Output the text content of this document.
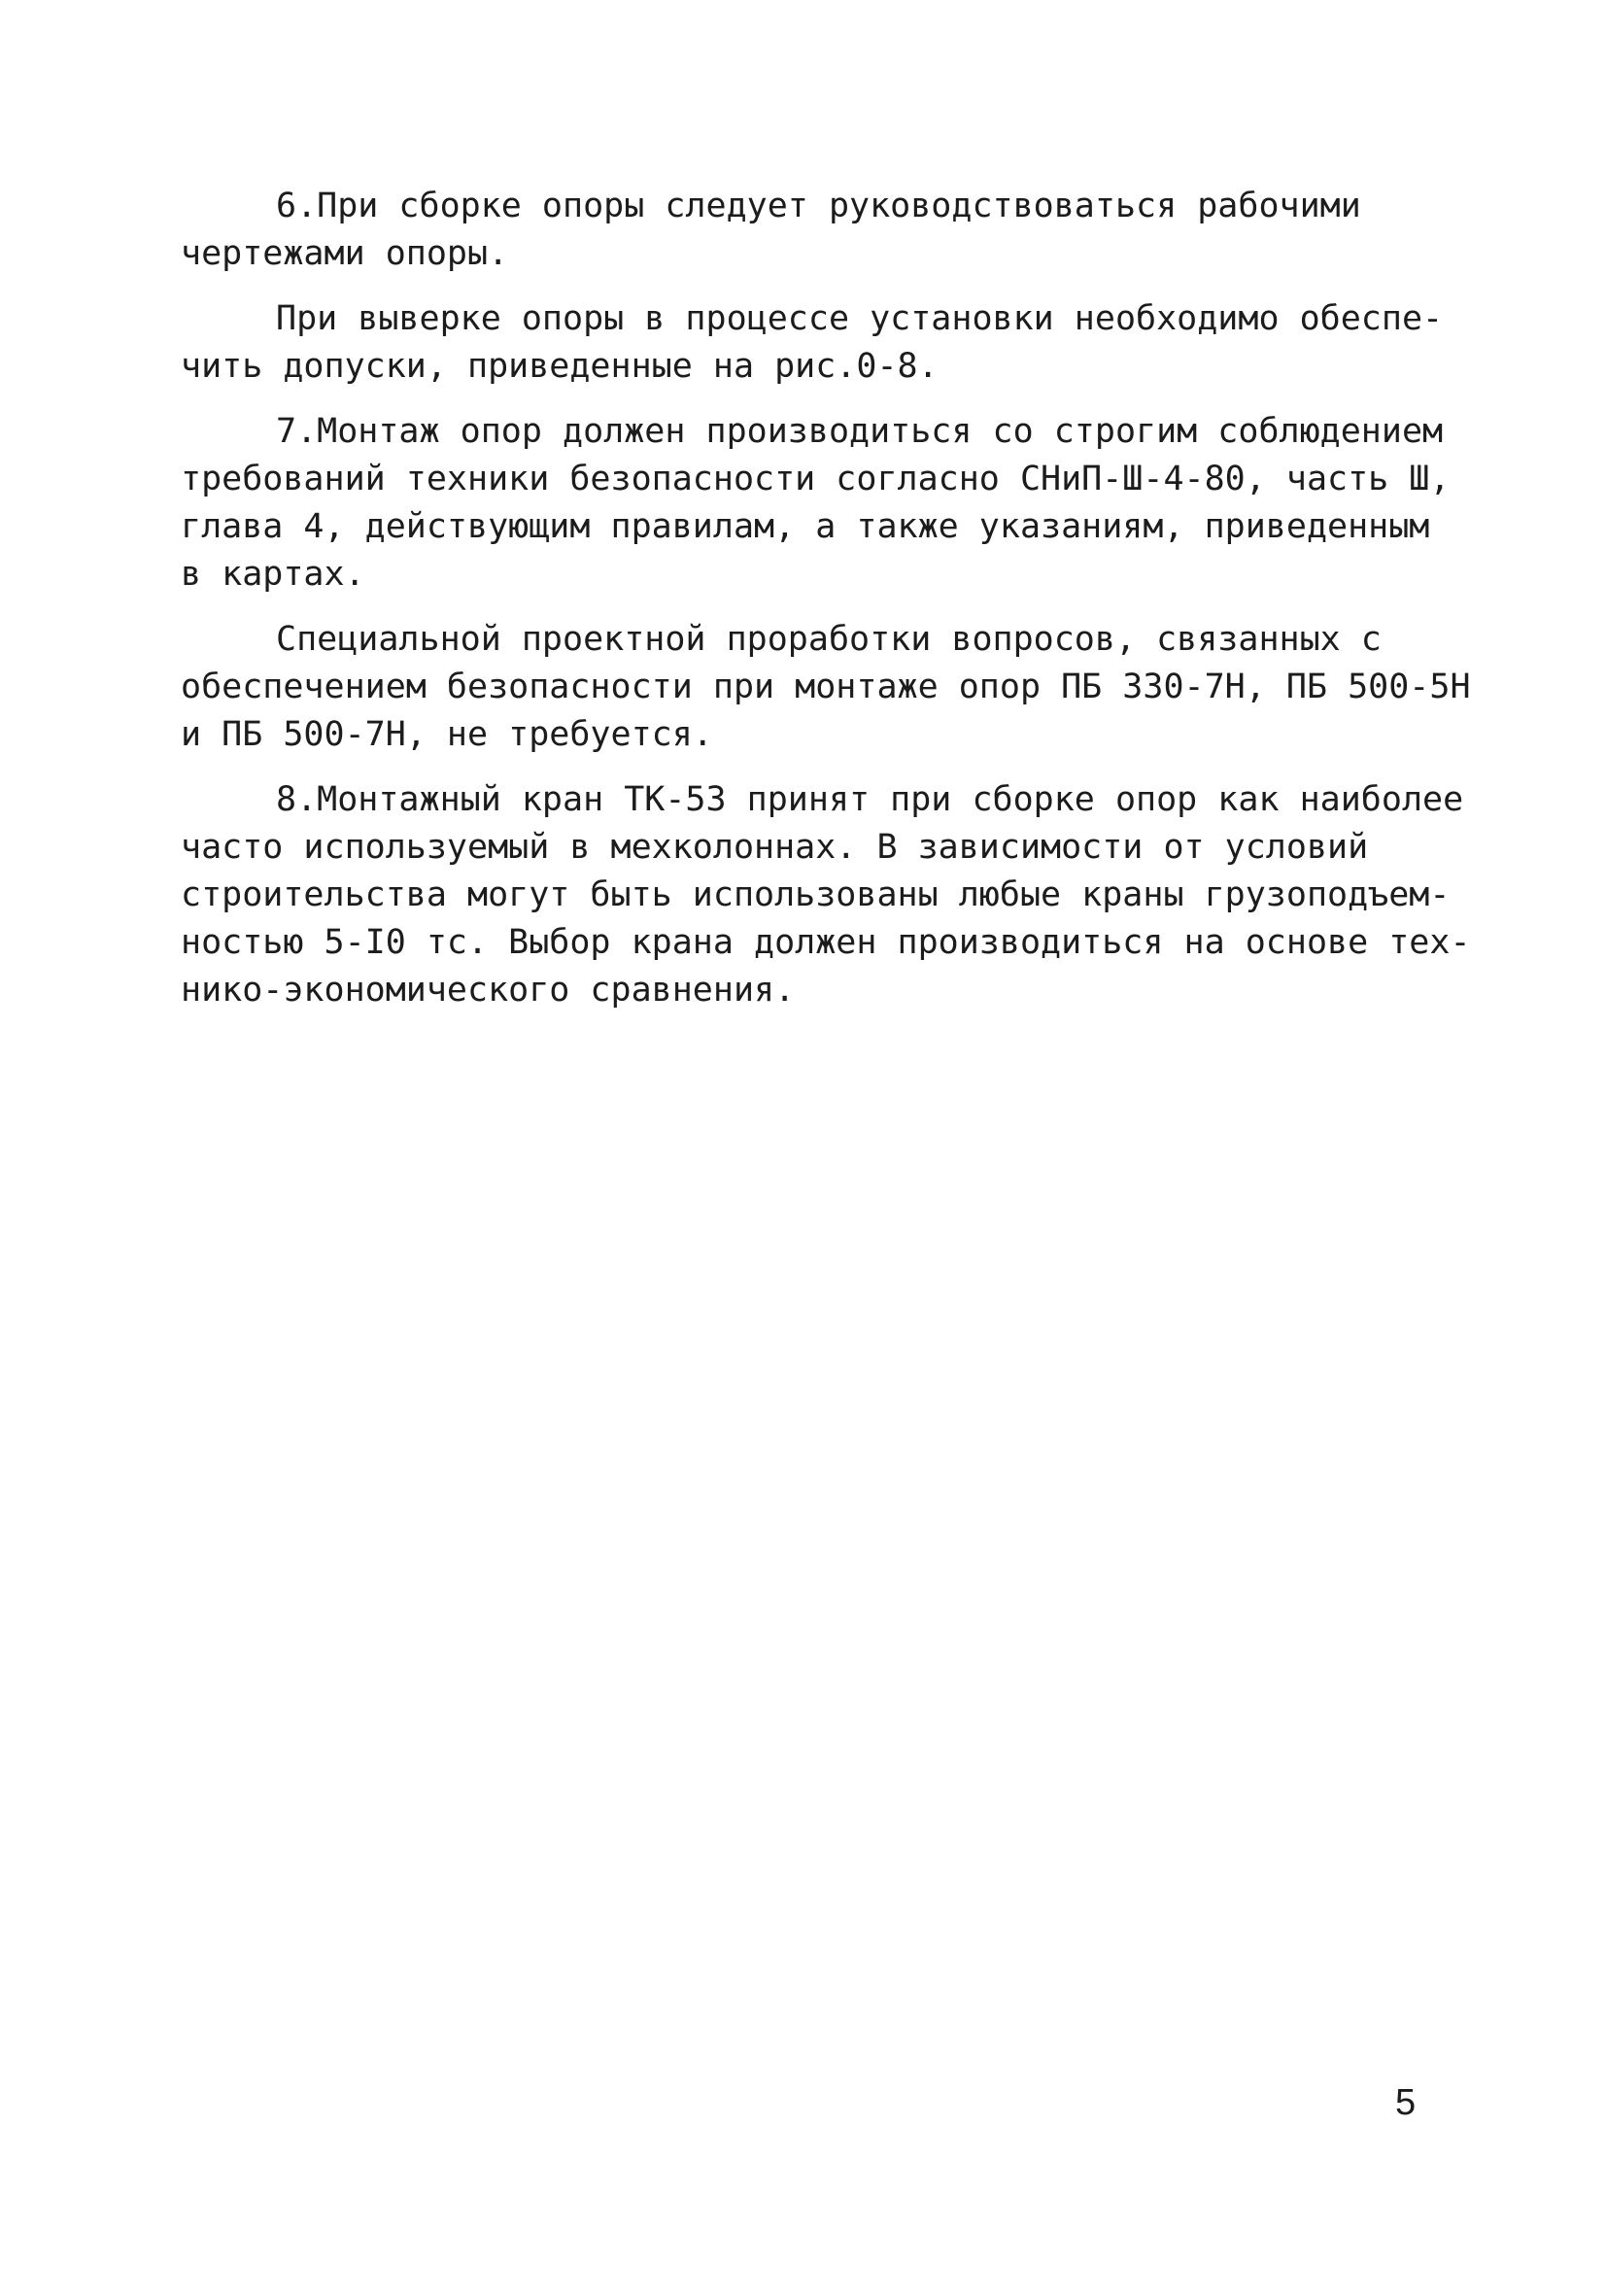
6.При сборке опоры следует руководствоваться рабочими
чертежами опоры.
При выверке опоры в процессе установки необходимо обеспе-
чить допуски, приведенные на рис.0-8.
7.Монтаж опор должен производиться со строгим соблюдением
требований техники безопасности согласно СНиП-Ш-4-80, часть Ш,
глава 4, действующим правилам, а также указаниям, приведенным
в картах.
Специальной проектной проработки вопросов, связанных с
обеспечением безопасности при монтаже опор ПБ 330-7Н, ПБ 500-5Н
и ПБ 500-7Н, не требуется.
8.Монтажный кран ТК-53 принят при сборке опор как наиболее
часто используемый в мехколоннах. В зависимости от условий
строительства могут быть использованы любые краны грузоподъем-
ностью 5-I0 тс. Выбор крана должен производиться на основе тех-
нико-экономического сравнения.
5
